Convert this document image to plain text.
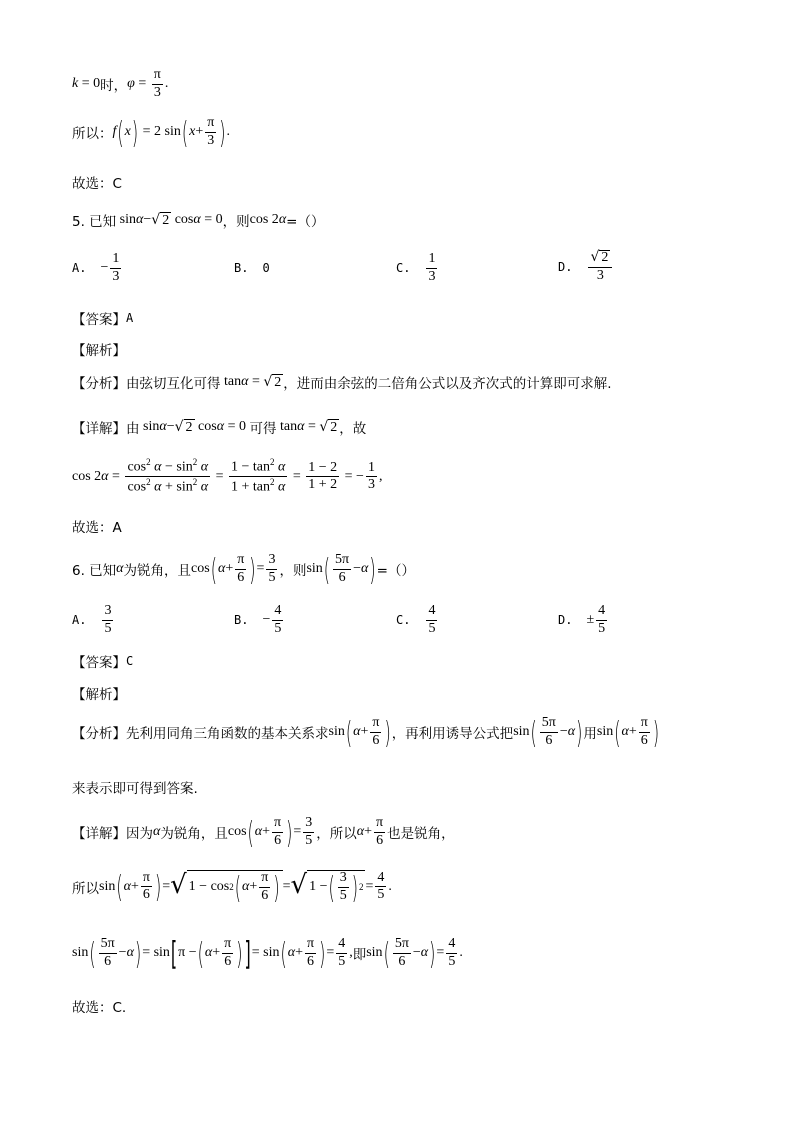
k = 0 时， $\varphi = \frac{\pi}{3}$ .
所以： f ( x ) = 2 sin ( $x + \frac{\pi}{3}$ ) .
故选：C
5. 已知 sin α − √ 2 cos α = 0 ，则 cos 2 α =（）
A. − $\frac{1}{3}$	B. 0	C. $\frac{1}{3}$	D. $\frac{√ 2}{3}$
【答案】 A
【解析】
【分析】 由弦切互化可得 tan α = √ 2 ，进而由余弦的二倍角公式以及齐次式的计算即可求解.
【详解】 由 sin α − √ 2 cos α = 0 可得 tan α = √ 2 ，故
cos 2 $\alpha = \frac{\cos^2 \alpha - \sin^2 \alpha}{\cos^2 \alpha + \sin^2 \alpha} = \frac{1 - \tan^2 \alpha}{1 + \tan^2 \alpha} = \frac{1 - 2}{1 + 2}$ = − $\frac{1}{3}$ ,
故选：A
6. 已知 α 为锐角，且 cos ( $\alpha + \frac{\pi}{6}$ ) = $\frac{3}{5}$ ，则 sin ( $\frac{5\pi}{6} - \alpha$ ) =（）
A. $\frac{3}{5}$	B. − $\frac{4}{5}$	C. $\frac{4}{5}$	D. ± $\frac{4}{5}$
【答案】 C
【解析】
【分析】 先利用同角三角函数的基本关系求 sin ( $\alpha + \frac{\pi}{6}$ ) ，再利用诱导公式把 sin ( $\frac{5\pi}{6} - \alpha$ ) 用 sin ( $\alpha + \frac{\pi}{6}$ )
来表示即可得到答案.
【详解】 因为 α 为锐角，且 cos ( $\alpha + \frac{\pi}{6}$ ) = $\frac{3}{5}$ ，所以 $\alpha + \frac{\pi}{6}$ 也是锐角，
所以 sin ( $\alpha + \frac{\pi}{6}$ ) = √ 1 − cos 2 ( $\alpha + \frac{\pi}{6}$ ) = √ 1 − ( $\frac{3}{5}$ ) $2 = \frac{4}{5}$ .
sin ( $\frac{5\pi}{6} - \alpha$ ) = sin [ π − ( $\alpha + \frac{\pi}{6}$ ) ] = sin ( $\alpha + \frac{\pi}{6}$ ) = $\frac{4}{5}$ , 即 sin ( $\frac{5\pi}{6} - \alpha$ ) = $\frac{4}{5}$ .
故选：C.
